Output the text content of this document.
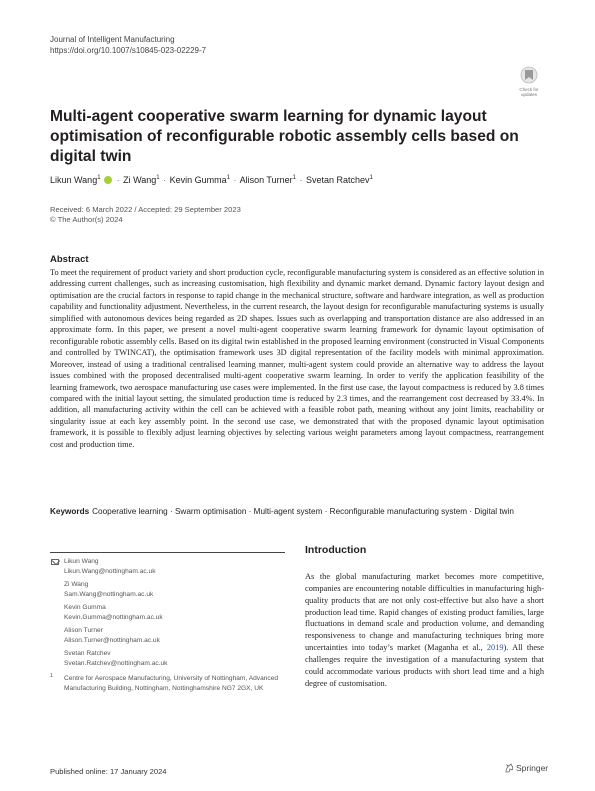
Journal of Intelligent Manufacturing
https://doi.org/10.1007/s10845-023-02229-7
Check for updates
Multi-agent cooperative swarm learning for dynamic layout optimisation of reconfigurable robotic assembly cells based on digital twin
Likun Wang$^1$ · Zi Wang$^1$ · Kevin Gumma$^1$ · Alison Turner$^1$ · Svetan Ratchev$^1$
Received: 6 March 2022 / Accepted: 29 September 2023
© The Author(s) 2024
Abstract
To meet the requirement of product variety and short production cycle, reconfigurable manufacturing system is considered as an effective solution in addressing current challenges, such as increasing customisation, high flexibility and dynamic market demand. Dynamic factory layout design and optimisation are the crucial factors in response to rapid change in the mechanical structure, software and hardware integration, as well as production capability and functionality adjustment. Nevertheless, in the current research, the layout design for reconfigurable manufacturing systems is usually simplified with autonomous devices being regarded as 2D shapes. Issues such as overlapping and transportation distance are also addressed in an approximate form. In this paper, we present a novel multi-agent cooperative swarm learning framework for dynamic layout optimisation of reconfigurable robotic assembly cells. Based on its digital twin established in the proposed learning environment (constructed in Visual Components and controlled by TWINCAT), the optimisation framework uses 3D digital representation of the facility models with minimal approximation. Moreover, instead of using a traditional centralised learning manner, multi-agent system could provide an alternative way to address the layout issues combined with the proposed decentralised multi-agent cooperative swarm learning. In order to verify the application feasibility of the learning framework, two aerospace manufacturing use cases were implemented. In the first use case, the layout compactness is reduced by 3.8 times compared with the initial layout setting, the simulated production time is reduced by 2.3 times, and the rearrangement cost decreased by 33.4%. In addition, all manufacturing activity within the cell can be achieved with a feasible robot path, meaning without any joint limits, reachability or singularity issue at each key assembly point. In the second use case, we demonstrated that with the proposed dynamic layout optimisation framework, it is possible to flexibly adjust learning objectives by selecting various weight parameters among layout compactness, rearrangement cost and production time.
Keywords Cooperative learning · Swarm optimisation · Multi-agent system · Reconfigurable manufacturing system · Digital twin
Likun Wang
Likun.Wang@nottingham.ac.uk
Zi Wang
Sam.Wang@nottingham.ac.uk
Kevin Gumma
Kevin.Gumma@nottingham.ac.uk
Alison Turner
Alison.Turner@nottingham.ac.uk
Svetan Ratchev
Svetan.Ratchev@nottingham.ac.uk
1 Centre for Aerospace Manufacturing, University of Nottingham, Advanced Manufacturing Building, Nottingham, Nottinghamshire NG7 2GX, UK
Introduction
As the global manufacturing market becomes more competitive, companies are encountering notable difficulties in manufacturing high-quality products that are not only cost-effective but also have a short production lead time. Rapid changes of existing product families, large fluctuations in demand scale and production volume, and demanding responsiveness to change and manufacturing techniques bring more uncertainties into today’s market (Maganha et al., 2019). All these challenges require the investigation of a manufacturing system that could accommodate various products with short lead time and a high degree of customisation.
Published online: 17 January 2024	Springer
